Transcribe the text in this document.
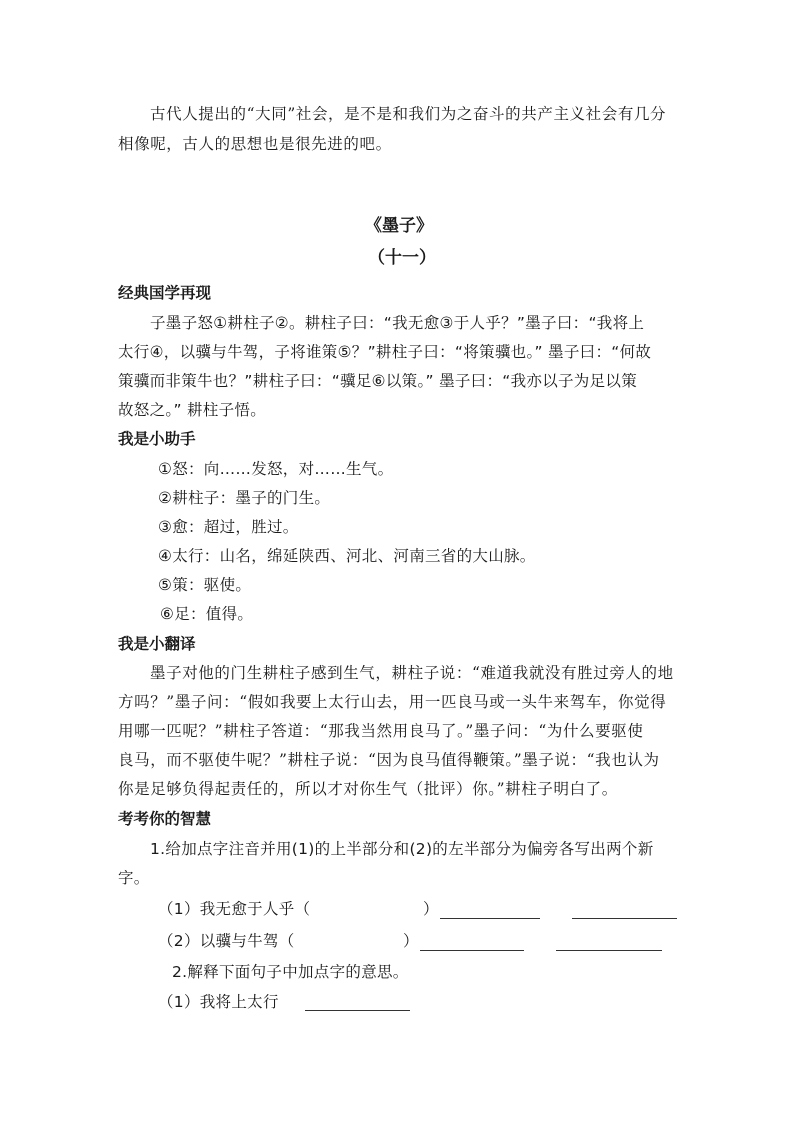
古代人提出的“大同”社会，是不是和我们为之奋斗的共产主义社会有几分
相像呢，古人的思想也是很先进的吧。
《墨子》
（十一）
经典国学再现
子墨子怒①耕柱子②。耕柱子曰：“我无愈③于人乎？”墨子曰：“我将上
太行④，以骥与牛驾，子将谁策⑤？”耕柱子曰：“将策骥也。” 墨子曰：“何故
策骥而非策牛也？”耕柱子曰：“骥足⑥以策。” 墨子曰：“我亦以子为足以策
故怒之。” 耕柱子悟。
我是小助手
①怒：向……发怒，对……生气。
②耕柱子：墨子的门生。
③愈：超过，胜过。
④太行：山名，绵延陕西、河北、河南三省的大山脉。
⑤策：驱使。
⑥足：值得。
我是小翻译
墨子对他的门生耕柱子感到生气，耕柱子说：“难道我就没有胜过旁人的地
方吗？”墨子问：“假如我要上太行山去，用一匹良马或一头牛来驾车，你觉得
用哪一匹呢？”耕柱子答道：“那我当然用良马了。”墨子问：“为什么要驱使
良马，而不驱使牛呢？”耕柱子说：“因为良马值得鞭策。”墨子说：“我也认为
你是足够负得起责任的，所以才对你生气（批评）你。”耕柱子明白了。
考考你的智慧
1.给加点字注音并用(1)的上半部分和(2)的左半部分为偏旁各写出两个新
字。
（1）我无愈于人乎（	）
（2）以骥与牛驾（	）
2.解释下面句子中加点字的意思。
（1）我将上太行
